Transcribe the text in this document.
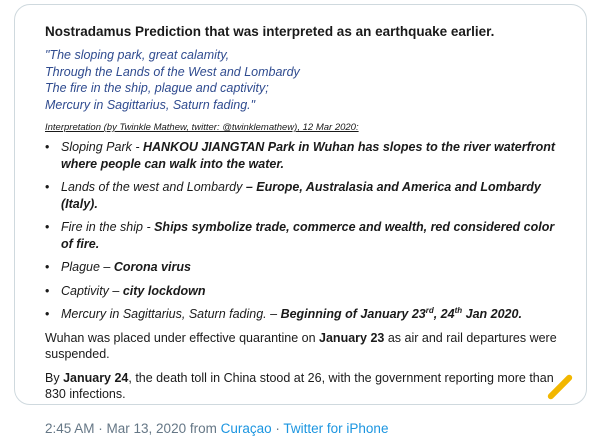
Nostradamus Prediction that was interpreted as an earthquake earlier.
"The sloping park, great calamity,
Through the Lands of the West and Lombardy
The fire in the ship, plague and captivity;
Mercury in Sagittarius, Saturn fading."
Interpretation (by Twinkle Mathew, twitter: @twinklemathew), 12 Mar 2020:
• Sloping Park - HANKOU JIANGTAN Park in Wuhan has slopes to the river waterfront where people can walk into the water.
• Lands of the west and Lombardy – Europe, Australasia and America and Lombardy (Italy).
• Fire in the ship - Ships symbolize trade, commerce and wealth, red considered color of fire.
• Plague – Corona virus
• Captivity – city lockdown
• Mercury in Sagittarius, Saturn fading. – Beginning of January 23rd, 24th Jan 2020.
Wuhan was placed under effective quarantine on January 23 as air and rail departures were suspended.
By January 24, the death toll in China stood at 26, with the government reporting more than 830 infections.
2:45 AM · Mar 13, 2020 from Curaçao · Twitter for iPhone
